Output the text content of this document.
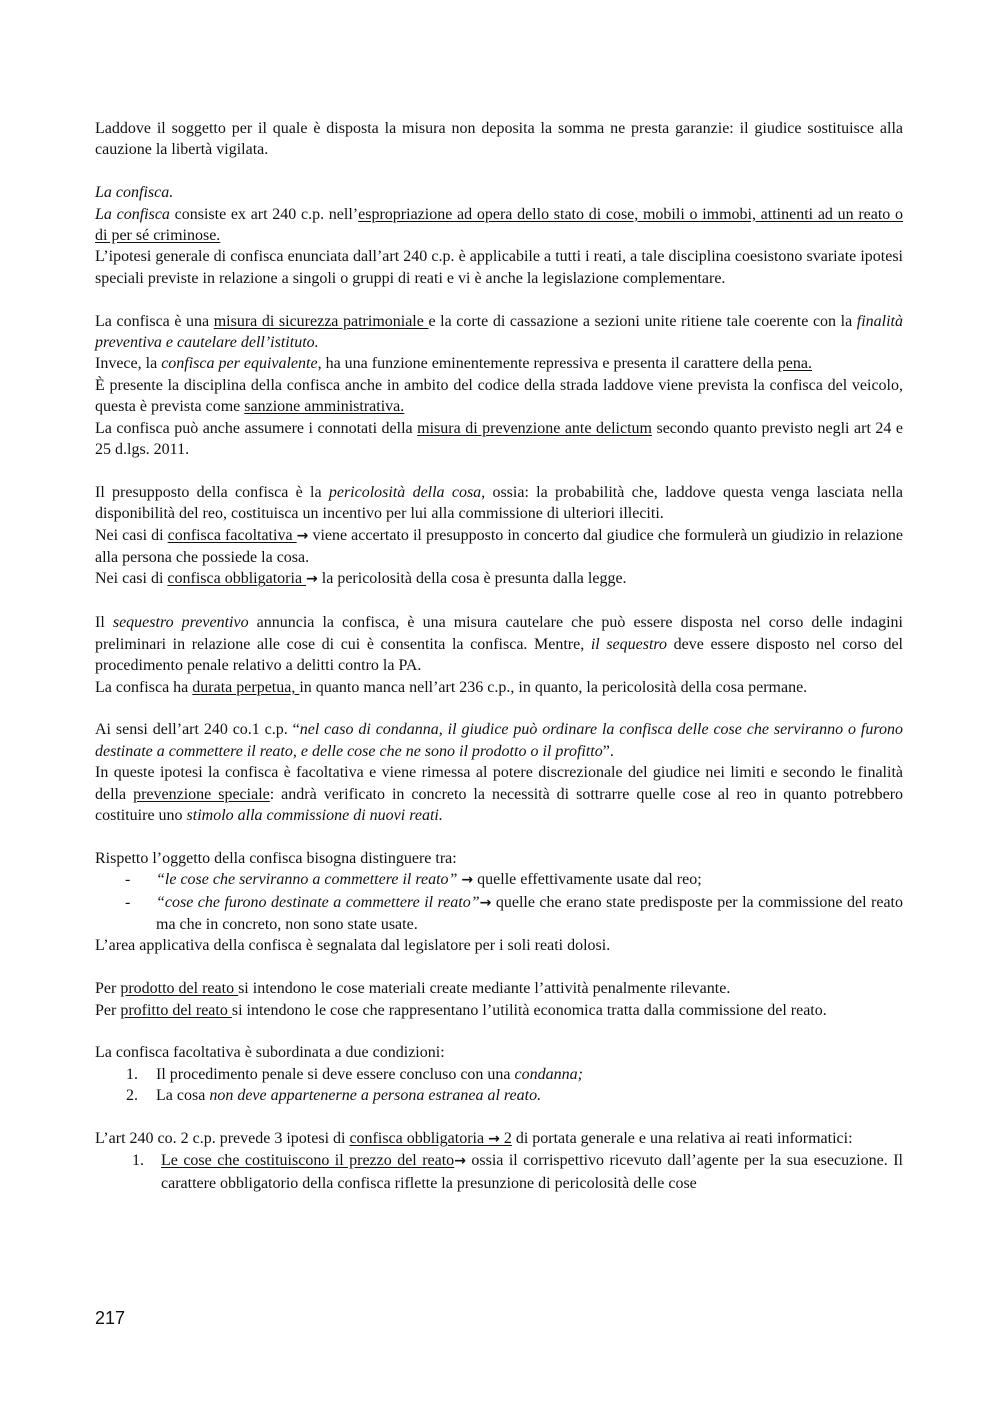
Laddove il soggetto per il quale è disposta la misura non deposita la somma ne presta garanzie: il giudice sostituisce alla cauzione la libertà vigilata.

La confisca.

La confisca consiste ex art 240 c.p. nell’espropriazione ad opera dello stato di cose, mobili o immobi, attinenti ad un reato o di per sé criminose.

L’ipotesi generale di confisca enunciata dall’art 240 c.p. è applicabile a tutti i reati, a tale disciplina coesistono svariate ipotesi speciali previste in relazione a singoli o gruppi di reati e vi è anche la legislazione complementare.

La confisca è una misura di sicurezza patrimoniale e la corte di cassazione a sezioni unite ritiene tale coerente con la finalità preventiva e cautelare dell’istituto.

Invece, la confisca per equivalente, ha una funzione eminentemente repressiva e presenta il carattere della pena.

È presente la disciplina della confisca anche in ambito del codice della strada laddove viene prevista la confisca del veicolo, questa è prevista come sanzione amministrativa.

La confisca può anche assumere i connotati della misura di prevenzione ante delictum secondo quanto previsto negli art 24 e 25 d.lgs. 2011.

Il presupposto della confisca è la pericolosità della cosa, ossia: la probabilità che, laddove questa venga lasciata nella disponibilità del reo, costituisca un incentivo per lui alla commissione di ulteriori illeciti.

Nei casi di confisca facoltativa → viene accertato il presupposto in concerto dal giudice che formulerà un giudizio in relazione alla persona che possiede la cosa.

Nei casi di confisca obbligatoria → la pericolosità della cosa è presunta dalla legge.

Il sequestro preventivo annuncia la confisca, è una misura cautelare che può essere disposta nel corso delle indagini preliminari in relazione alle cose di cui è consentita la confisca. Mentre, il sequestro deve essere disposto nel corso del procedimento penale relativo a delitti contro la PA.

La confisca ha durata perpetua, in quanto manca nell’art 236 c.p., in quanto, la pericolosità della cosa permane.

Ai sensi dell’art 240 co.1 c.p. “nel caso di condanna, il giudice può ordinare la confisca delle cose che serviranno o furono destinate a commettere il reato, e delle cose che ne sono il prodotto o il profitto”.

In queste ipotesi la confisca è facoltativa e viene rimessa al potere discrezionale del giudice nei limiti e secondo le finalità della prevenzione speciale: andrà verificato in concreto la necessità di sottrarre quelle cose al reo in quanto potrebbero costituire uno stimolo alla commissione di nuovi reati.

Rispetto l’oggetto della confisca bisogna distinguere tra:

- “le cose che serviranno a commettere il reato” → quelle effettivamente usate dal reo;
- “cose che furono destinate a commettere il reato”→ quelle che erano state predisposte per la commissione del reato ma che in concreto, non sono state usate.

L’area applicativa della confisca è segnalata dal legislatore per i soli reati dolosi.

Per prodotto del reato si intendono le cose materiali create mediante l’attività penalmente rilevante.

Per profitto del reato si intendono le cose che rappresentano l’utilità economica tratta dalla commissione del reato.

La confisca facoltativa è subordinata a due condizioni:

1. Il procedimento penale si deve essere concluso con una condanna;
2. La cosa non deve appartenerne a persona estranea al reato.

L’art 240 co. 2 c.p. prevede 3 ipotesi di confisca obbligatoria → 2 di portata generale e una relativa ai reati informatici:

1. Le cose che costituiscono il prezzo del reato→ ossia il corrispettivo ricevuto dall’agente per la sua esecuzione. Il carattere obbligatorio della confisca riflette la presunzione di pericolosità delle cose
217
